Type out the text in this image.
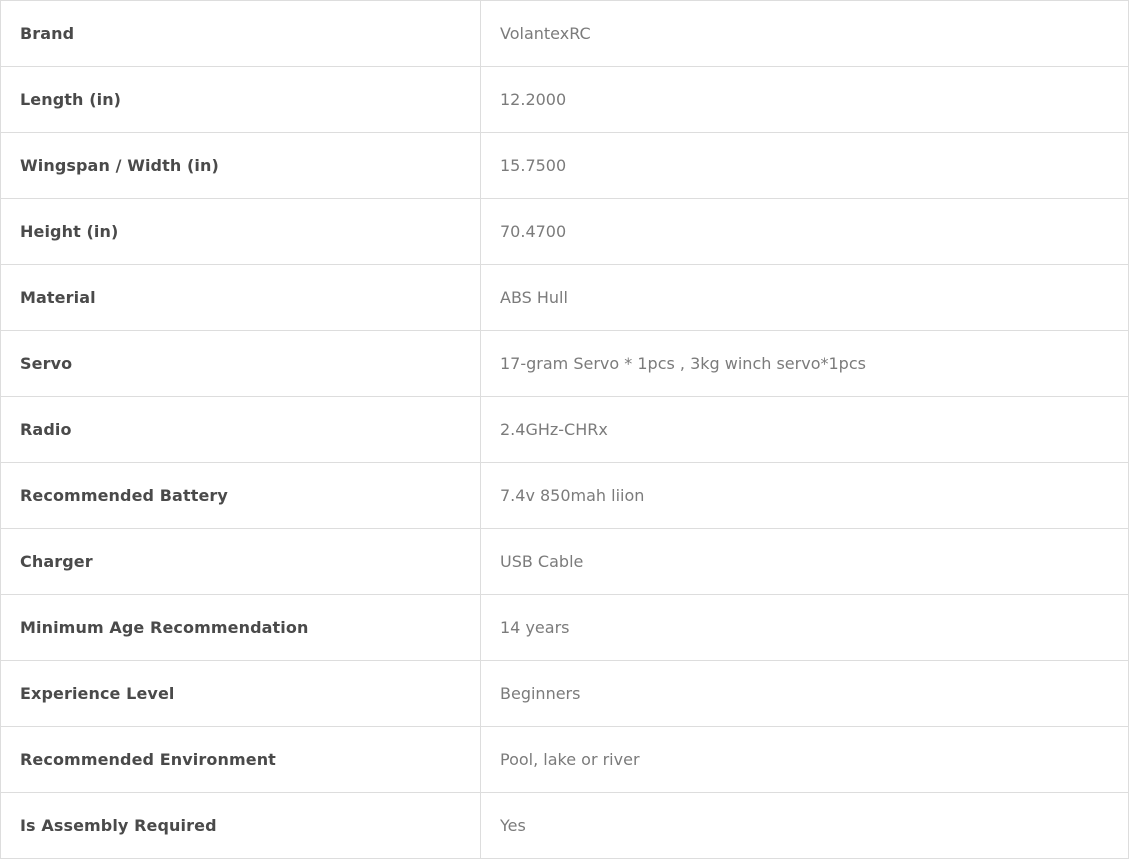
Brand	VolantexRC
Length (in)	12.2000
Wingspan / Width (in)	15.7500
Height (in)	70.4700
Material	ABS Hull
Servo	17-gram Servo * 1pcs , 3kg winch servo*1pcs
Radio	2.4GHz-CHRx
Recommended Battery	7.4v 850mah liion
Charger	USB Cable
Minimum Age Recommendation	14 years
Experience Level	Beginners
Recommended Environment	Pool, lake or river
Is Assembly Required	Yes
